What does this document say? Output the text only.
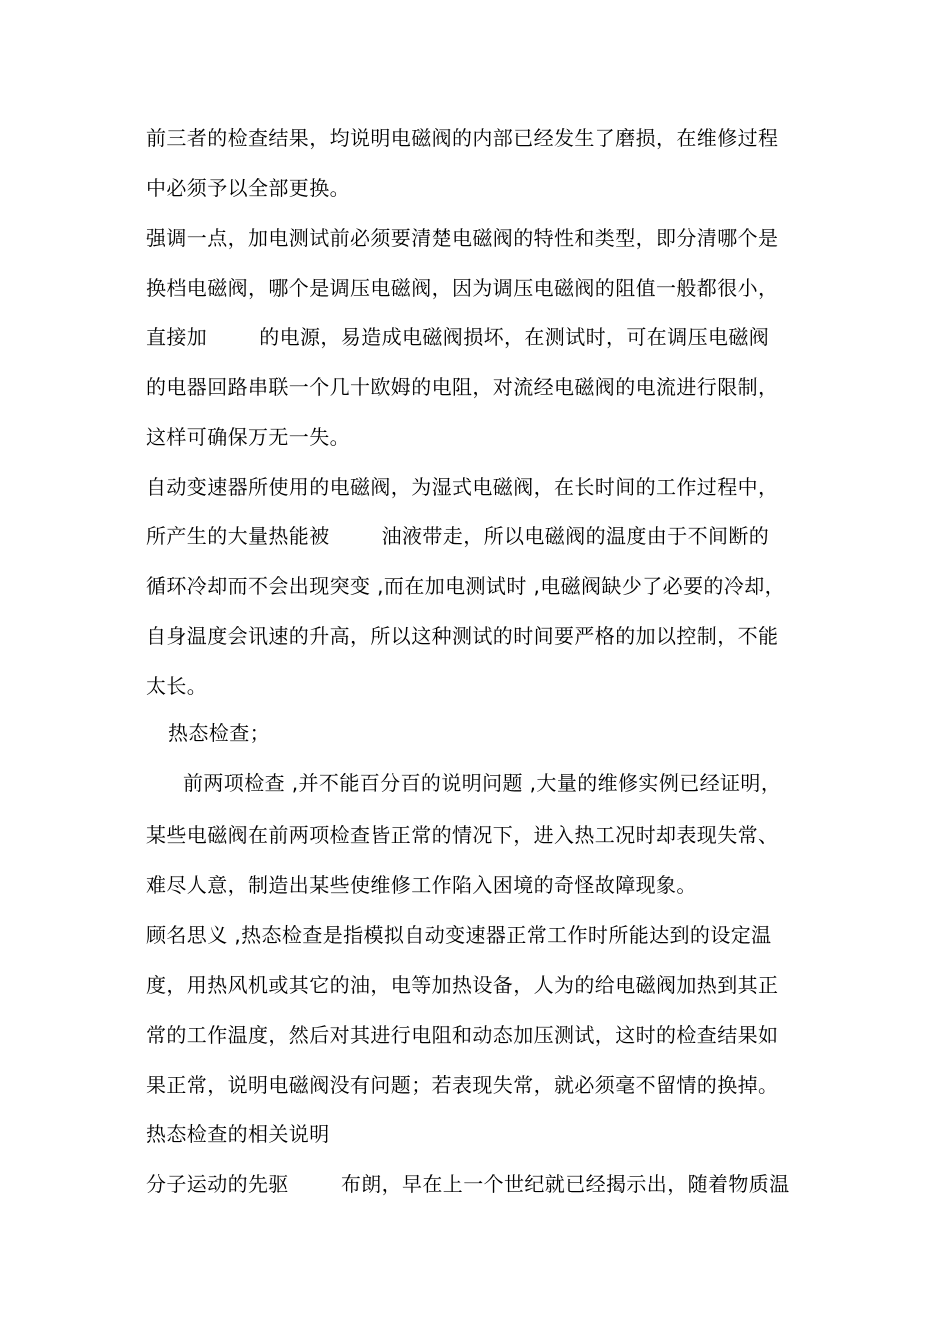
前三者的检查结果，均说明电磁阀的内部已经发生了磨损，在维修过程
中必须予以全部更换。
强调一点，加电测试前必须要清楚电磁阀的特性和类型，即分清哪个是
换档电磁阀，哪个是调压电磁阀，因为调压电磁阀的阻值一般都很小，
直接加	的电源，易造成电磁阀损坏，在测试时，可在调压电磁阀
的电器回路串联一个几十欧姆的电阻，对流经电磁阀的电流进行限制，
这样可确保万无一失。
自动变速器所使用的电磁阀，为湿式电磁阀，在长时间的工作过程中，
所产生的大量热能被	油液带走，所以电磁阀的温度由于不间断的
循环冷却而不会出现突变 ,而在加电测试时 ,电磁阀缺少了必要的冷却，
自身温度会讯速的升高，所以这种测试的时间要严格的加以控制，不能
太长。
热态检查；
前两项检查 ,并不能百分百的说明问题 ,大量的维修实例已经证明，
某些电磁阀在前两项检查皆正常的情况下，进入热工况时却表现失常、
难尽人意，制造出某些使维修工作陷入困境的奇怪故障现象。
顾名思义 ,热态检查是指模拟自动变速器正常工作时所能达到的设定温
度，用热风机或其它的油，电等加热设备，人为的给电磁阀加热到其正
常的工作温度，然后对其进行电阻和动态加压测试，这时的检查结果如
果正常，说明电磁阀没有问题；若表现失常，就必须毫不留情的换掉。
热态检查的相关说明
分子运动的先驱	布朗，早在上一个世纪就已经揭示出，随着物质温
